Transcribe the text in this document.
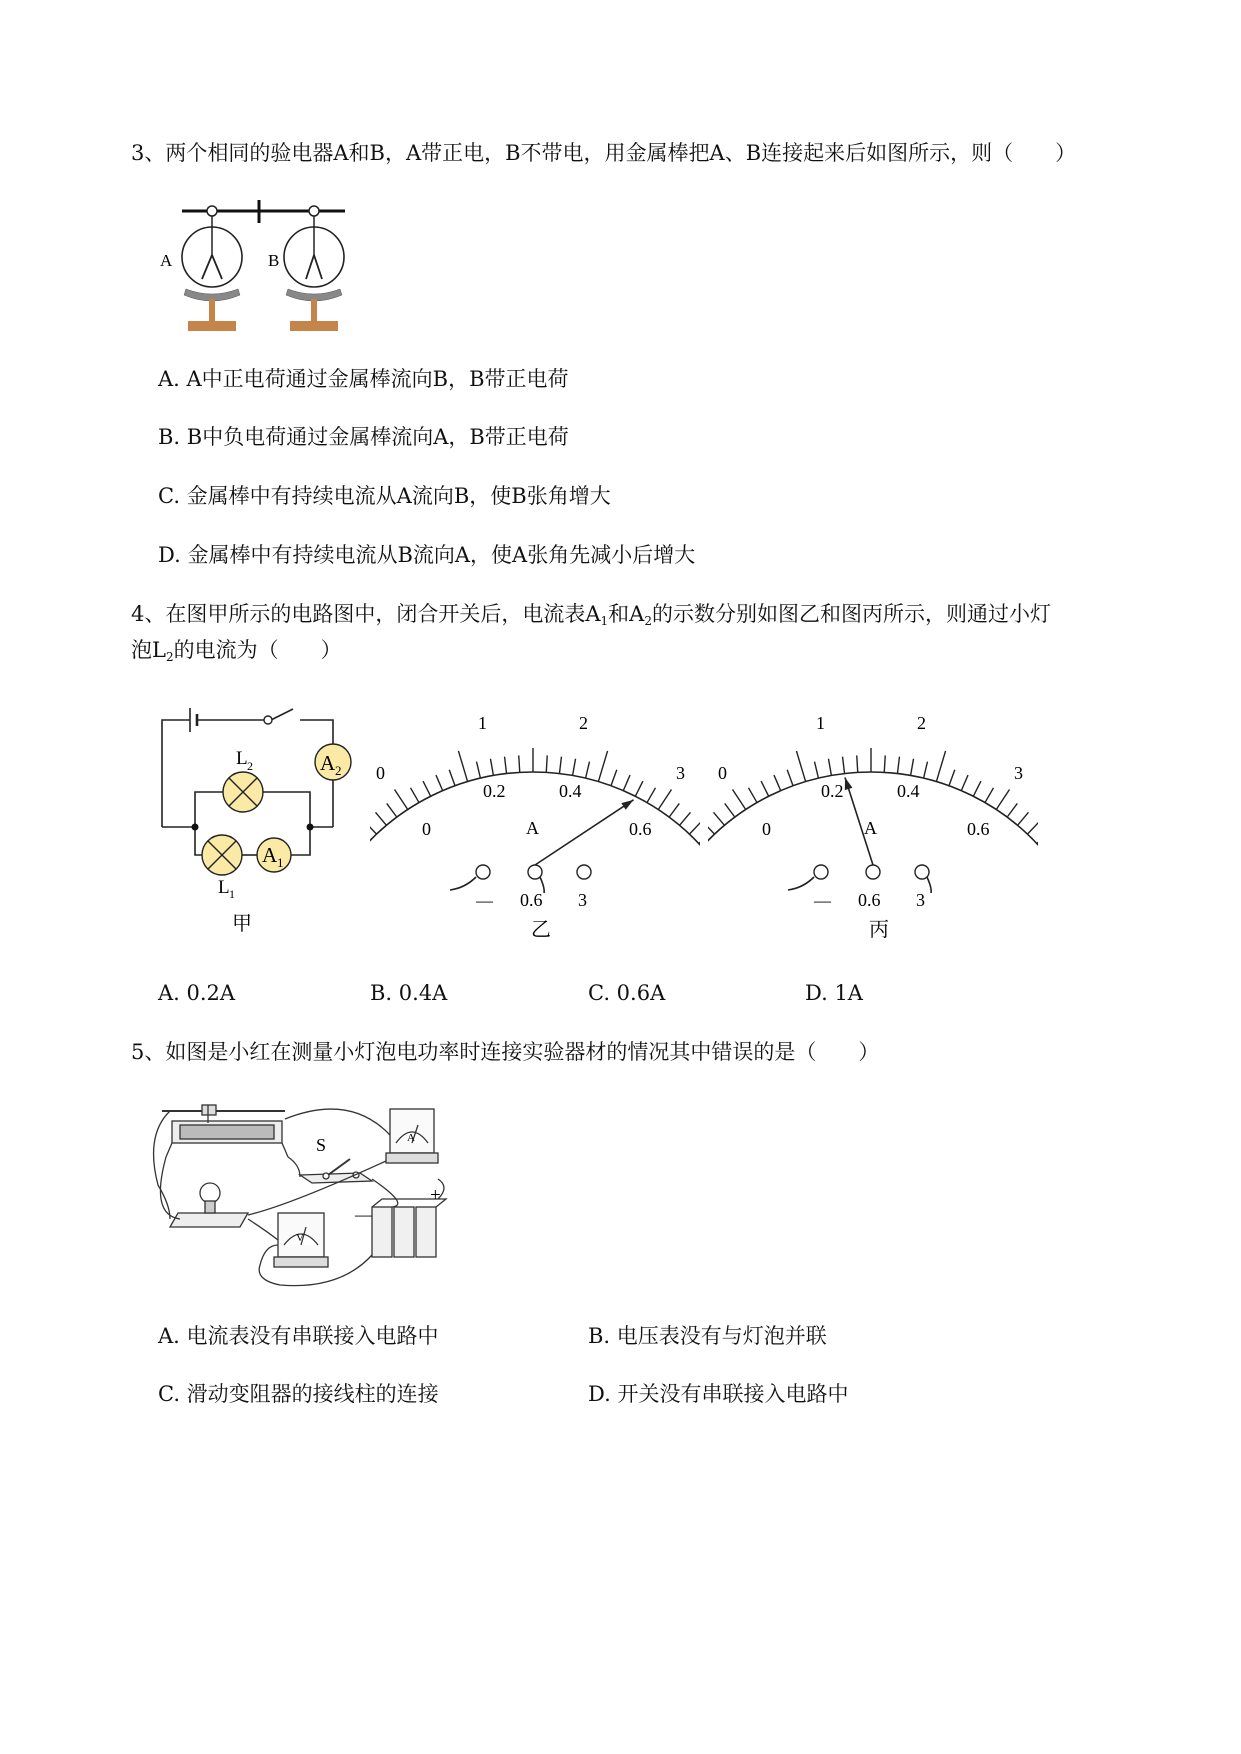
3、两个相同的验电器A和B，A带正电，B不带电，用金属棒把A、B连接起来后如图所示，则（　　）
A	B
A. A中正电荷通过金属棒流向B，B带正电荷
B. B中负电荷通过金属棒流向A，B带正电荷
C. 金属棒中有持续电流从A流向B，使B张角增大
D. 金属棒中有持续电流从B流向A，使A张角先减小后增大
4、在图甲所示的电路图中，闭合开关后，电流表$A_1$和$A_2$的示数分别如图乙和图丙所示，则通过小灯
泡$L_2$的电流为（　　）
A 2
L 2
L 1
A 1
甲
0
1	2
3
0
0.2	0.4
0.6
A
— 0.6 3
乙
0
1	2
3
0
0.2	0.4
0.6
A
— 0.6 3
丙
A. 0.2A	B. 0.4A	C. 0.6A	D. 1A
5、如图是小红在测量小灯泡电功率时连接实验器材的情况其中错误的是（　　）
S	A
V
—
+
A. 电流表没有串联接入电路中	B. 电压表没有与灯泡并联
C. 滑动变阻器的接线柱的连接	D. 开关没有串联接入电路中
